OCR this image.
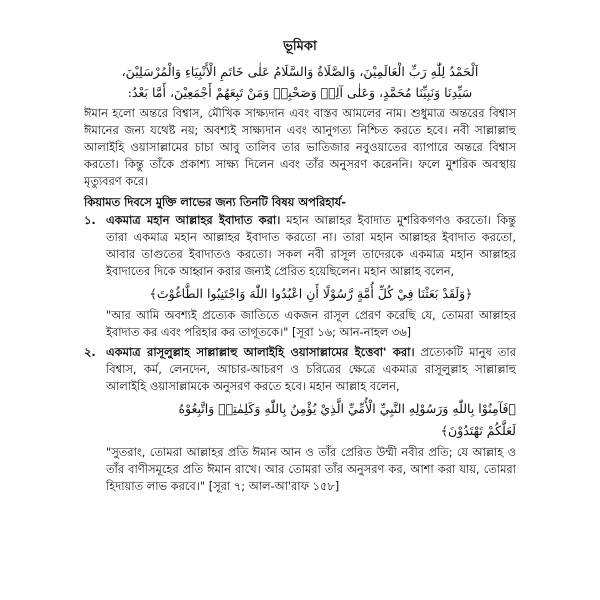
ভূমিকা

اَلْحَمْدُ لِلّٰهِ رَبِّ الْعَالَمِيْنَ، وَالصَّلَاةُ وَالسَّلَامُ عَلٰى خَاتَمِ الْأَنْبِيَاءِ وَالْمُرْسَلِيْنَ،

سَيِّدِنَا وَنَبِيِّنَا مُحَمَّدٍ، وَعَلٰى آلِهٖ وَصَحْبِهٖ وَمَنْ تَبِعَهُمْ أَجْمَعِيْنَ، أَمَّا بَعْدُ:

ঈমান হলো অন্তরে বিশ্বাস, মৌখিক সাক্ষ্যদান এবং বাস্তব আমলের নাম। শুধুমাত্র অন্তরের বিশ্বাস ঈমানের জন্য যথেষ্ট নয়; অবশ্যই সাক্ষ্যদান এবং আনুগত্য নিশ্চিত করতে হবে। নবী সাল্লাল্লাহু আলাইহি ওয়াসাল্লামের চাচা আবু তালিব তার ভাতিজার নবুওয়াতের ব্যাপারে অন্তরে বিশ্বাস করতো। কিন্তু তাঁকে প্রকাশ্য সাক্ষ্য দিলেন এবং তাঁর অনুসরণ করেননি। ফলে মুশরিক অবস্থায় মৃত্যুবরণ করে।

কিয়ামত দিবসে মুক্তি লাভের জন্য তিনটি বিষয় অপরিহার্য-
১. একমাত্র মহান আল্লাহর ইবাদাত করা। মহান আল্লাহর ইবাদাত মুশরিকগণও করতো। কিন্তু তারা একমাত্র মহান আল্লাহর ইবাদাত করতো না। তারা মহান আল্লাহর ইবাদাত করতো, আবার তাগুতের ইবাদাতও করতো। সকল নবী রাসূল তাদেরকে একমাত্র মহান আল্লাহর ইবাদাতের দিকে আহ্বান করার জন্যই প্রেরিত হয়েছিলেন। মহান আল্লাহ বলেন,

﴿وَلَقَدْ بَعَثْنَا فِيْ كُلِّ أُمَّةٍ رَّسُوْلًا أَنِ اعْبُدُوا اللّٰهَ وَاجْتَنِبُوا الطَّاغُوْتَ﴾

"আর আমি অবশ্যই প্রত্যেক জাতিতে একজন রাসূল প্রেরণ করেছি যে, তোমরা আল্লাহর ইবাদাত কর এবং পরিহার কর তাগূতকে।" [সূরা ১৬; আন-নাহল ৩৬]

২. একমাত্র রাসূলুল্লাহ সাল্লাল্লাহু আলাইহি ওয়াসাল্লামের ইত্তেবা' করা। প্রত্যেকটি মানুষ তার বিশ্বাস, কর্ম, লেনদেন, আচার-আচরণ ও চরিত্রের ক্ষেত্রে একমাত্র রাসূলুল্লাহ সাল্লাল্লাহু আলাইহি ওয়াসাল্লামকে অনুসরণ করতে হবে। মহান আল্লাহ বলেন,

﴿فَآمِنُوْا بِاللّٰهِ وَرَسُوْلِهِ النَّبِيِّ الْأُمِّيِّ الَّذِيْ يُؤْمِنُ بِاللّٰهِ وَكَلِمٰتِهٖ وَاتَّبِعُوْهُ

لَعَلَّكُمْ تَهْتَدُوْنَ﴾

"সুতরাং, তোমরা আল্লাহর প্রতি ঈমান আন ও তাঁর প্রেরিত উম্মী নবীর প্রতি; যে আল্লাহ ও তাঁর বাণীসমূহের প্রতি ঈমান রাখে। আর তোমরা তাঁর অনুসরণ কর, আশা করা যায়, তোমরা হিদায়াত লাভ করবে।" [সূরা ৭; আল-আ'রাফ ১৫৮]
